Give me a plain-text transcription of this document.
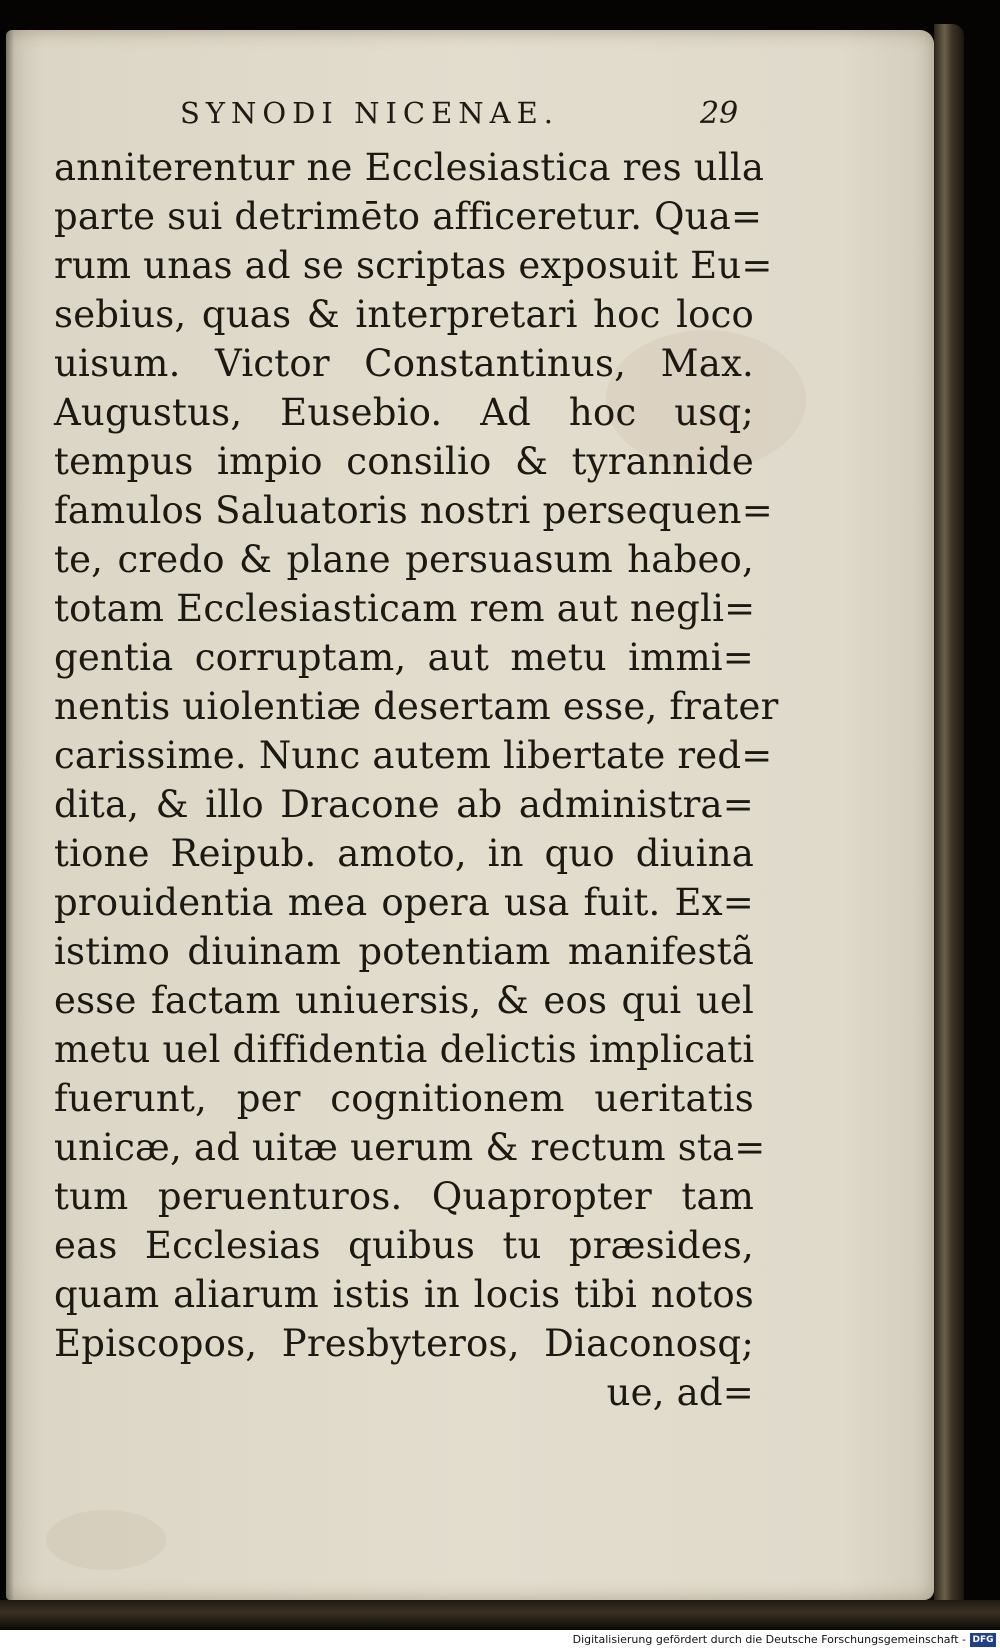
SYNODI NICENAE.	29
anniterentur ne Ecclesiastica res ulla
parte sui detrimēto afficeretur. Qua=
rum unas ad se scriptas exposuit Eu=
sebius, quas & interpretari hoc loco
uisum. Victor Constantinus, Max.
Augustus, Eusebio. Ad hoc usq;
tempus impio consilio & tyrannide
famulos Saluatoris nostri persequen=
te, credo & plane persuasum habeo,
totam Ecclesiasticam rem aut negli=
gentia corruptam, aut metu immi=
nentis uiolentiæ desertam esse, frater
carissime. Nunc autem libertate red=
dita, & illo Dracone ab administra=
tione Reipub. amoto, in quo diuina
prouidentia mea opera usa fuit. Ex=
istimo diuinam potentiam manifestã
esse factam uniuersis, & eos qui uel
metu uel diffidentia delictis implicati
fuerunt, per cognitionem ueritatis
unicæ, ad uitæ uerum & rectum sta=
tum peruenturos. Quapropter tam
eas Ecclesias quibus tu præsides,
quam aliarum istis in locis tibi notos
Episcopos, Presbyteros, Diaconosq;
ue, ad=
Digitalisierung gefördert durch die Deutsche Forschungsgemeinschaft - DFG
